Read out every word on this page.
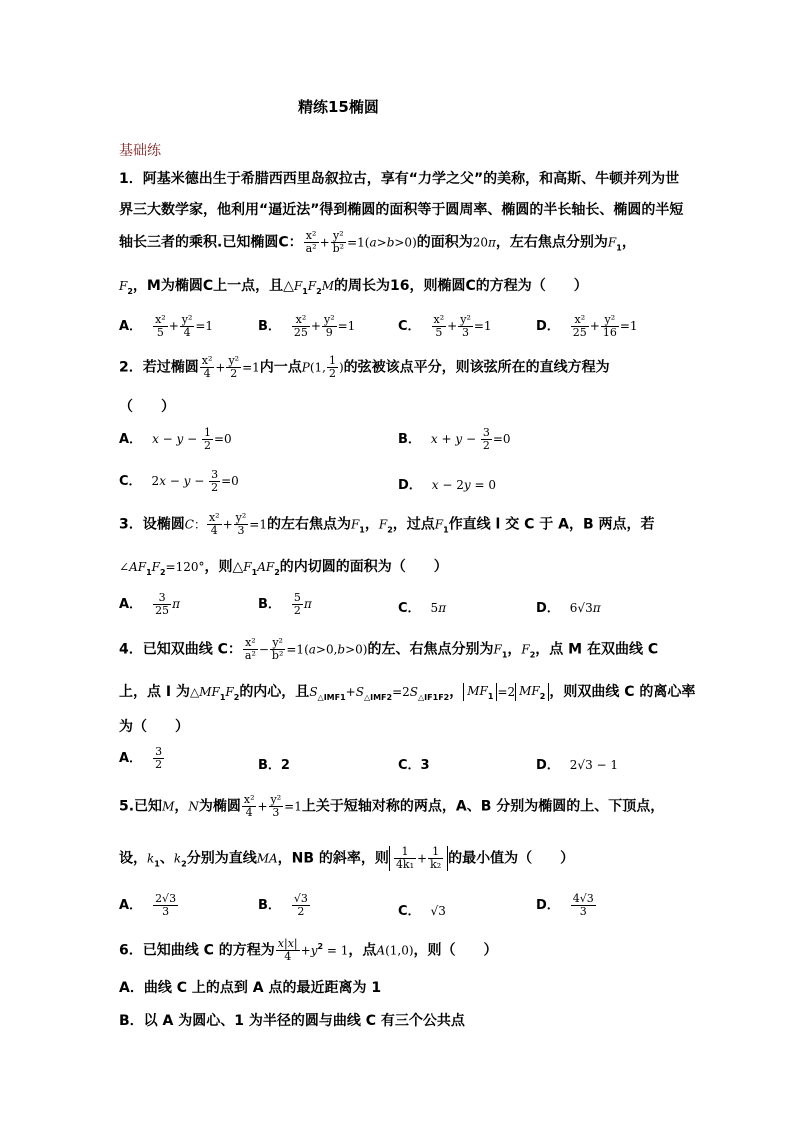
精练15椭圆
基础练
1．阿基米德出生于希腊西西里岛叙拉古，享有“力学之父”的美称，和高斯、牛顿并列为世
界三大数学家，他利用“逼近法”得到椭圆的面积等于圆周率、椭圆的半长轴长、椭圆的半短
轴长三者的乘积.已知椭圆C： $\frac{\text{x²}}{\text{a²}} + \frac{\text{y²}}{\text{b²}} =1(a>b>0)$的面积为20π，左右焦点分别为$F_1$，
$F_2$，M为椭圆C上一点，且$\triangle F_1F_2M$的周长为16，则椭圆C的方程为（　　）
A． $\frac{\text{x²}}{5} + \frac{\text{y²}}{4} =1$	B． $\frac{\text{x²}}{25} + \frac{\text{y²}}{9} =1$	C． $\frac{\text{x²}}{5} + \frac{\text{y²}}{3} =1$	D． $\frac{\text{x²}}{25} + \frac{\text{y²}}{16} =1$
2．若过椭圆 $\frac{\text{x²}}{4} + \frac{\text{y²}}{2} =1$内一点P(1, $\frac{1}{2}$ )的弦被该点平分，则该弦所在的直线方程为
（　　）
A． $x - y - \frac{1}{2} =0$	B． $x + y - \frac{3}{2} =0$
C． $2x - y - \frac{3}{2} =0$	D． x − 2y = 0
3．设椭圆C： $\frac{\text{x²}}{4} + \frac{\text{y²}}{3} =1$的左右焦点为$F_1$，$F_2$，过点$F_1$作直线 l 交 C 于 A，B 两点，若
$\angle AF_1F_2=120^\circ$，则$\triangle F_1AF_2$的内切圆的面积为（　　）
A． $\frac{3}{25}$ π	B． $\frac{5}{2}$ π	C． 5π	D． 6√3π
4．已知双曲线 C： $\frac{\text{x²}}{\text{a²}} - \frac{\text{y²}}{\text{b²}} =1(a>0,b>0)$的左、右焦点分别为$F_1$，$F_2$，点 M 在双曲线 C
上，点 I 为$\triangle MF_1F_2$的内心，且$S_{\triangle IMF1}+S_{\triangle IMF2}=2S_{\triangle IF1F2}$， $MF_1 =2$ $MF_2$ ，则双曲线 C 的离心率
为（　　）
A． $\frac{3}{2}$	B．2	C．3	D． 2√3 − 1
5.已知M，N为椭圆 $\frac{\text{x²}}{4} + \frac{\text{y²}}{3} =1$上关于短轴对称的两点，A、B 分别为椭圆的上、下顶点，
设，$k_1$、$k_2$分别为直线MA，NB 的斜率，则 $\frac{1}{\text{4k₁}} + \frac{1}{\text{k₂}}$ 的最小值为（　　）
A． $\frac{2√3}{3}$	B． $\frac{√3}{2}$	C． √3	D． $\frac{4√3}{3}$
6．已知曲线 C 的方程为 $\frac{x|x|}{4} +y^2 = 1$，点A(1,0)，则（　　）
A．曲线 C 上的点到 A 点的最近距离为 1
B．以 A 为圆心、1 为半径的圆与曲线 C 有三个公共点
